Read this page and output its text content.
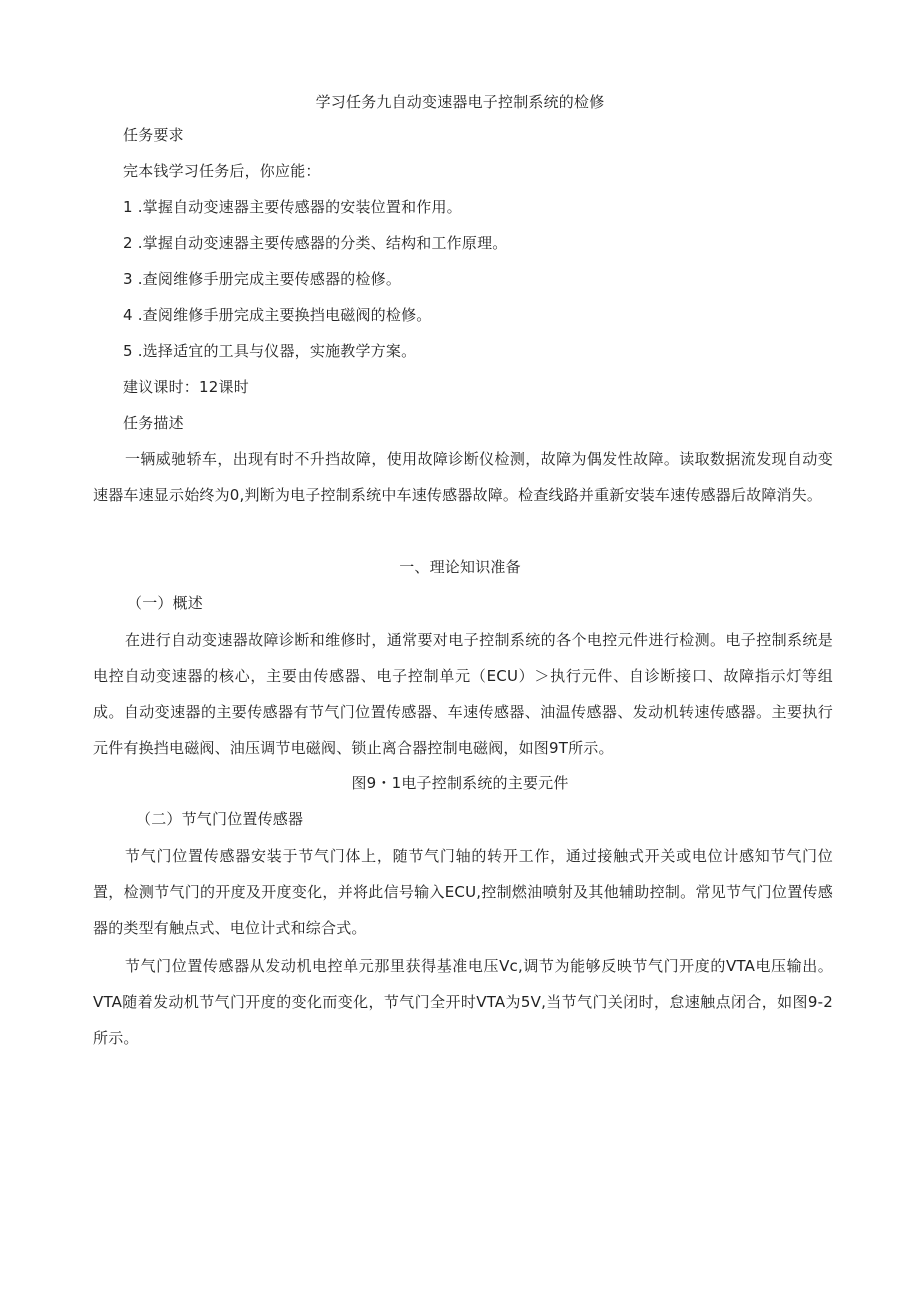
学习任务九自动变速器电子控制系统的检修
任务要求
完本钱学习任务后，你应能：
1 .掌握自动变速器主要传感器的安装位置和作用。
2 .掌握自动变速器主要传感器的分类、结构和工作原理。
3 .查阅维修手册完成主要传感器的检修。
4 .查阅维修手册完成主要换挡电磁阀的检修。
5 .选择适宜的工具与仪器，实施教学方案。
建议课时：12课时
任务描述
一辆威驰轿车，出现有时不升挡故障，使用故障诊断仪检测，故障为偶发性故障。读取数据流发现自动变速器车速显示始终为0,判断为电子控制系统中车速传感器故障。检查线路并重新安装车速传感器后故障消失。
一、理论知识准备
（一）概述
在进行自动变速器故障诊断和维修时，通常要对电子控制系统的各个电控元件进行检测。电子控制系统是电控自动变速器的核心，主要由传感器、电子控制单元（ECU）＞执行元件、自诊断接口、故障指示灯等组成。自动变速器的主要传感器有节气门位置传感器、车速传感器、油温传感器、发动机转速传感器。主要执行元件有换挡电磁阀、油压调节电磁阀、锁止离合器控制电磁阀，如图9T所示。
图9・1电子控制系统的主要元件
（二）节气门位置传感器
节气门位置传感器安装于节气门体上，随节气门轴的转开工作，通过接触式开关或电位计感知节气门位置，检测节气门的开度及开度变化，并将此信号输入ECU,控制燃油喷射及其他辅助控制。常见节气门位置传感器的类型有触点式、电位计式和综合式。
节气门位置传感器从发动机电控单元那里获得基准电压Vc,调节为能够反映节气门开度的VTA电压输出。VTA随着发动机节气门开度的变化而变化，节气门全开时VTA为5V,当节气门关闭时，怠速触点闭合，如图9-2所示。
